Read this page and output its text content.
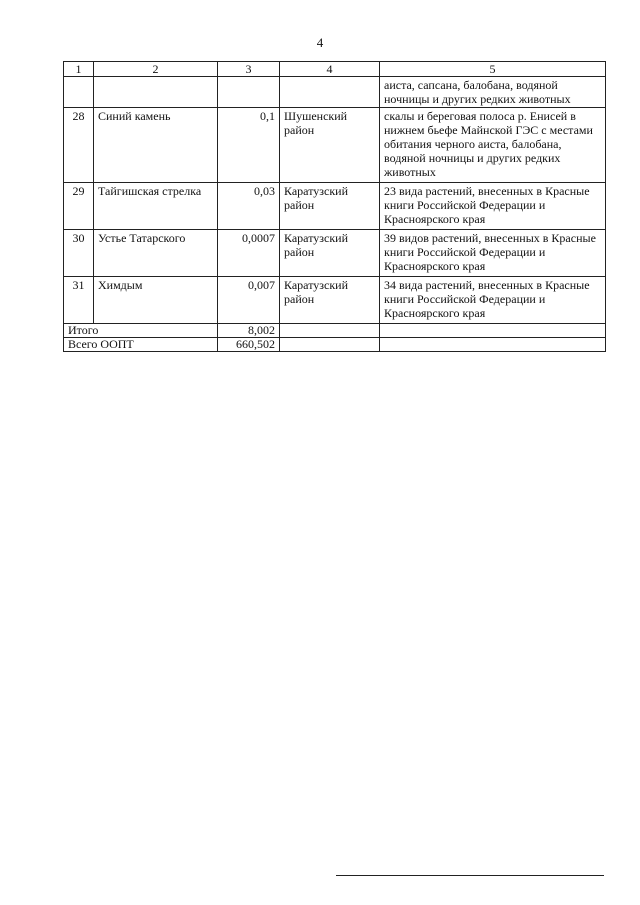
4
1	2	3	4	5
				аиста, сапсана, балобана, водяной ночницы и других редких животных
28	Синий камень	0,1	Шушенский район	скалы и береговая полоса р. Енисей в нижнем бьефе Майнской ГЭС с местами обитания черного аиста, балобана, водяной ночницы и других редких животных
29	Тайгишская стрелка	0,03	Каратузский район	23 вида растений, внесенных в Красные книги Российской Федерации и Красноярского края
30	Устье Татарского	0,0007	Каратузский район	39 видов растений, внесенных в Красные книги Российской Федерации и Красноярского края
31	Химдым	0,007	Каратузский район	34 вида растений, внесенных в Красные книги Российской Федерации и Красноярского края
Итого		8,002		
Всего ООПТ		660,502		
